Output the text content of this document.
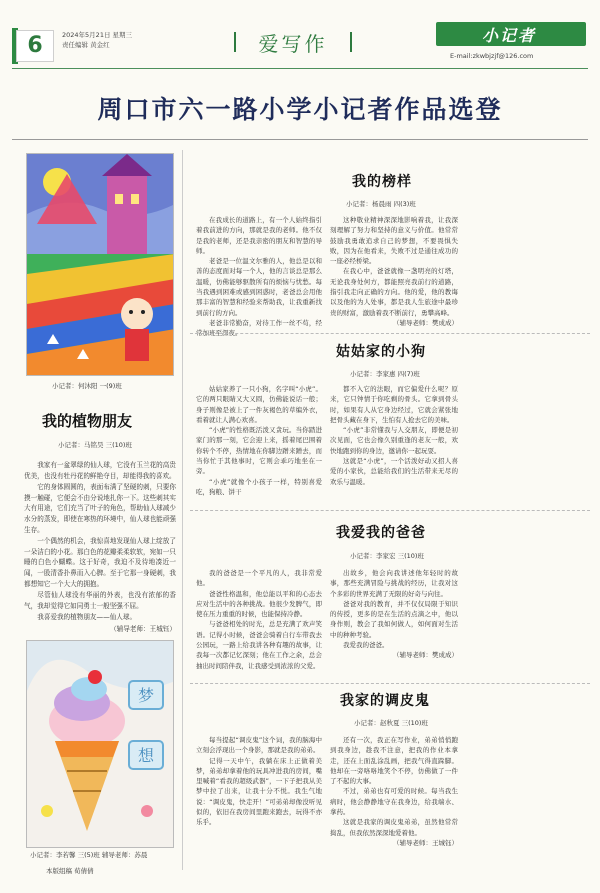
6	2024年5月21日 星期三
责任编辑 黄金红	爱写作	小记者
E-mail:zkwbjzjf@126.com
周口市六一路小学小记者作品选登
小记者：何沐阳 一(9)班
我的植物朋友
小记者：马铭昊 三(10)班

我家有一盆翠绿的仙人球，它没有玉兰花的高贵优美，也没有牡丹花的鲜艳夺目，却能得我的喜欢。

它的身体圆圆的，表面布满了坚硬的刺，只要你摸一触碰，它便会不由分说地扎你一下。这些刺其实大有用途，它们充当了叶子的角色，帮助仙人球减少水分的蒸发，即使在寒热的环境中，仙人球也能顽强生存。

一个偶然的机会，我惊喜地发现仙人球上绽放了一朵洁白的小花。那白色的花瓣柔柔软软，宛如一只睡的白色小蝴蝶。这于好奇，我迫不及待地凑近一闻，一股清香扑鼻而入心脾。至于它那一身硬刺，我都想知它一个大大的拥抱。

尽管仙人球没有华丽的外表，也没有浓郁的香气，我却觉得它如同勇士一般坚强不屈。

我喜爱我的植物朋友——仙人球。

（辅导老师：王城钰）

梦
想
小记者：李若馨 三(5)班 辅导老师：苏晨
本版组稿 荀倩倩
我的榜样
小记者：杨晨雨 四(3)班

在我成长的道路上，有一个人始终指引着我前进的方向，那就是我的老师。他不仅是我的老师，还是我亲密的朋友和智慧的导师。

老爸是一位温文尔雅的人，他总是以和善的态度面对每一个人，他的言谈总是那么温暖，仿佛能够驱散所有的烦恼与忧愁。每当我遇到困难或感到困惑时，老爸总会用他那丰富的智慧和经验来帮助我，让我重新找到前行的方向。

老爸非常勤奋，对待工作一丝不苟，经常加班至深夜。

这种敬业精神深深地影响着我，让我深刻理解了努力和坚持的意义与价值。他常常鼓励我勇敢追求自己的梦想，不要畏惧失败，因为在他看来，失败不过是通往成功的一座必经桥梁。

在我心中，爸爸就像一盏明亮的灯塔，无论我身处何方，都能照亮我前行的道路，指引我走向正确的方向。他的爱，他的教诲以及他的为人处事，都是我人生旅途中最珍贵的财富，激励着我不断前行，勇攀高峰。

（辅导老师：樊成成）

姑姑家的小狗
小记者：李家惠 四(7)班

姑姑家养了一只小狗，名字叫“小虎”。它的两只眼睛又大又圆，仿佛能说话一般；身子则像是被上了一件灰褐色的草编外衣，看着就让人满心欢喜。

“小虎”的性格既活泼又贪玩。当你踏进家门的那一刻，它会迎上来，摇着尾巴围着你转个不停，热情地在你脚边蹭来蹭去，而当你忙于其他事时，它则会乖巧地坐在一旁。

“小虎”就像个小孩子一样，特别喜爱吃，狗粮、饼干

都不入它的法眼，而它偏爱什么呢？原来，它只钟情于你吃剩的骨头。它拿到骨头时，如果有人从它身边经过，它就会紧张地把骨头藏在身下，生怕有人抢去它的美味。

“小虎”非常懂我与人交朋友，即便是初次见面，它也会像久别重逢的老友一般，欢快地跑到你的身边，邀请你一起玩耍。

这就是“小虎”，一个活泼好动又招人喜爱的小家伙，总能给我们的生活带来无尽的欢乐与温暖。

我爱我的爸爸
小记者：李家宏 三(10)班

我的爸爸是一个平凡的人，我非常爱他。

爸爸性格温和，他总能以平和的心态去应对生活中的各种挑战。他很少发脾气，即使在压力重重的时候，也能保持冷静。

与爸爸相处的时光，总是充满了欢声笑语。记得小时候，爸爸会骑着自行车带我去公园玩，一路上给我讲各种有趣的故事，让我每一次都记忆深刻；他在工作之余，总会抽出时间陪伴我，让我感受到浓浓的父爱。

出故乡，他会向我讲述他年轻时的故事，那些充满冒险与挑战的经历，让我对这个多彩的世界充满了无限的好奇与向往。

爸爸对我的教育，并不仅仅局限于知识的传授，更多的是在生活的点滴之中，他以身作则，教会了我如何做人，如何面对生活中的种种考验。

我爱我的爸爸。

（辅导老师：樊成成）

我家的调皮鬼
小记者：赵秋夏 三(10)班

每当提起“调皮鬼”这个词，我的脑海中立刻会浮现出一个身影，那就是我的弟弟。

记得一天中午，我躺在床上正做着美梦，弟弟却拿着他的玩具冲进我的房间，嘴里喊着“看我的超级武器”，一下子把我从美梦中拉了出来，让我十分不悦。我生气地说：“调皮鬼，快走开！”可弟弟却像没听见似的，依旧在我房间里跑来跑去，玩得不亦乐乎。

还有一次，我正在写作业，弟弟悄悄跑到我身边，趁我不注意，把我的作业本拿走，还在上面乱涂乱画，把我气得直跺脚。他却在一旁咯咯地笑个不停，仿佛做了一件了不起的大事。

不过，弟弟也有可爱的时候。每当我生病时，他会静静地守在我身边，给我端水、拿药。

这就是我家的调皮鬼弟弟，虽然他常常捣乱，但我依然深深地爱着他。

（辅导老师：王城钰）
